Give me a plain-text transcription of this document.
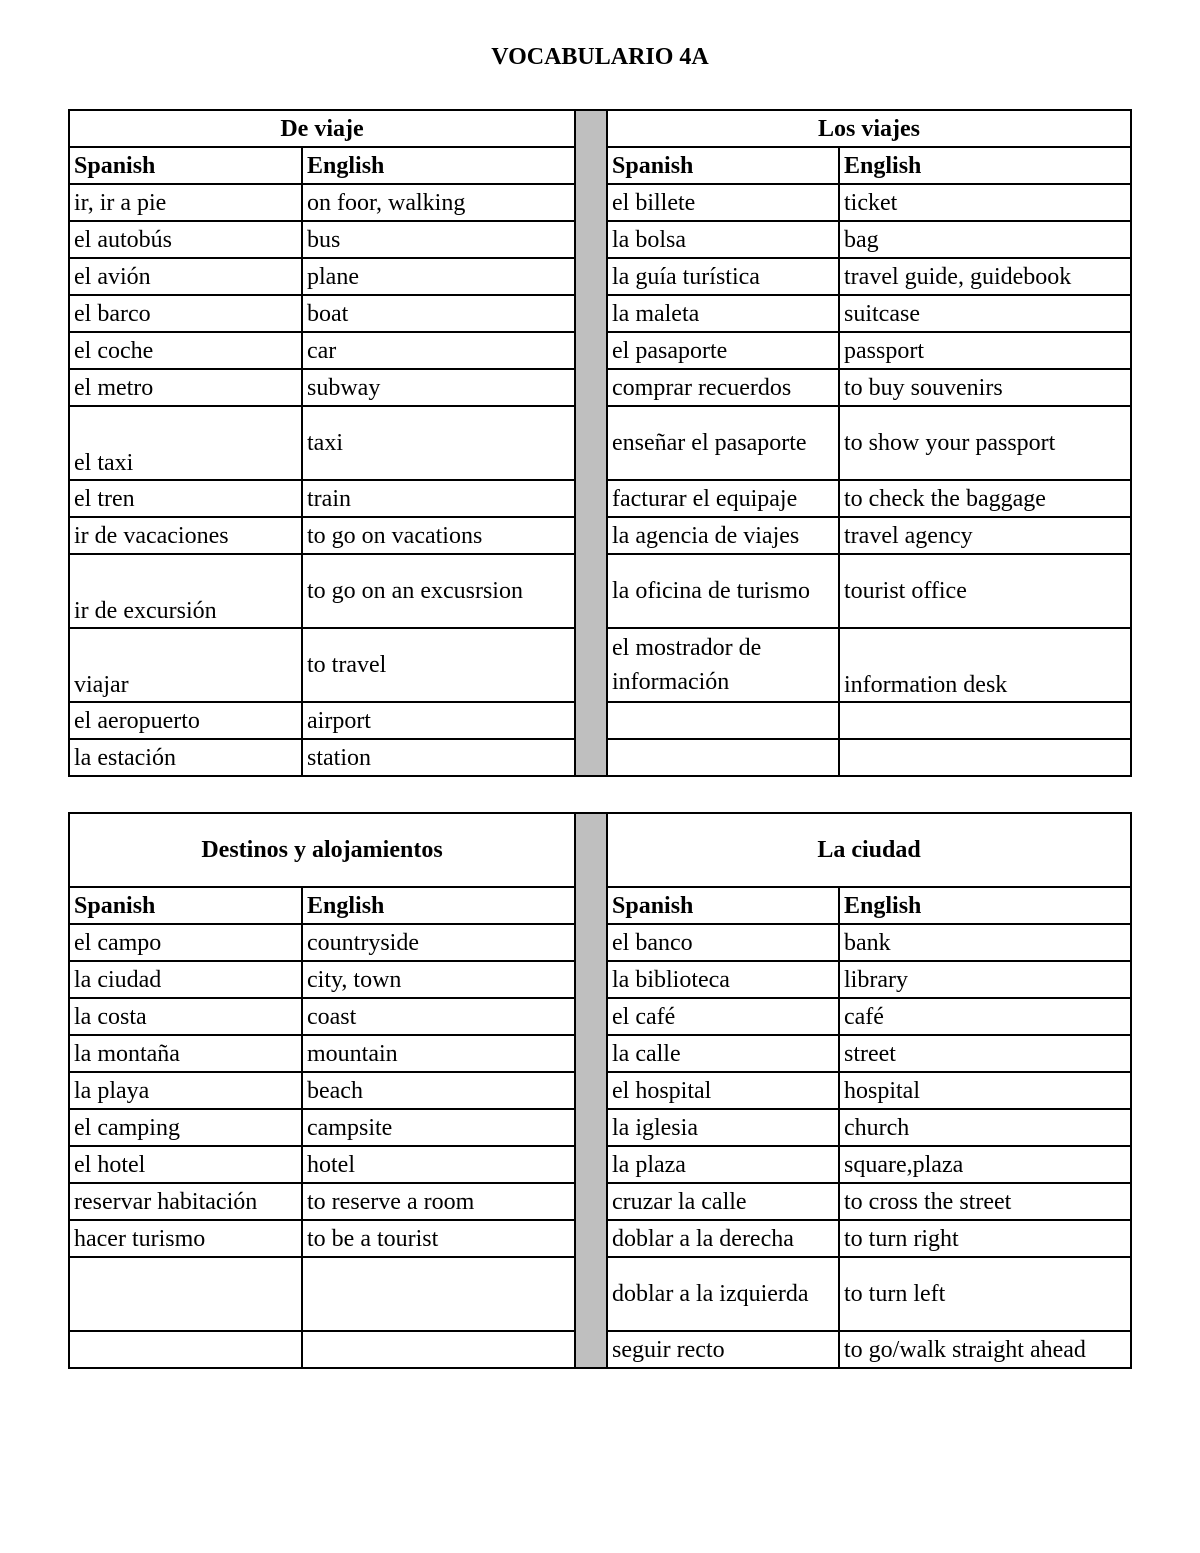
VOCABULARIO 4A
De viaje			Los viajes	
Spanish	English		Spanish	English
ir, ir a pie	on foor, walking		el billete	ticket
el autobús	bus		la bolsa	bag
el avión	plane		la guía turística	travel guide, guidebook
el barco	boat		la maleta	suitcase
el coche	car		el pasaporte	passport
el metro	subway		comprar recuerdos	to buy souvenirs
el taxi	taxi		enseñar el pasaporte	to show your passport
el tren	train		facturar el equipaje	to check the baggage
ir de vacaciones	to go on vacations		la agencia de viajes	travel agency
ir de excursión	to go on an excusrsion		la oficina de turismo	tourist office
viajar	to travel		el mostrador de información	information desk
el aeropuerto	airport			
la estación	station			
Destinos y alojamientos			La ciudad	
Spanish	English		Spanish	English
el campo	countryside		el banco	bank
la ciudad	city, town		la biblioteca	library
la costa	coast		el café	café
la montaña	mountain		la calle	street
la playa	beach		el hospital	hospital
el camping	campsite		la iglesia	church
el hotel	hotel		la plaza	square,plaza
reservar habitación	to reserve a room		cruzar la calle	to cross the street
hacer turismo	to be a tourist		doblar a la derecha	to turn right
			doblar a la izquierda	to turn left
			seguir recto	to go/walk straight ahead
